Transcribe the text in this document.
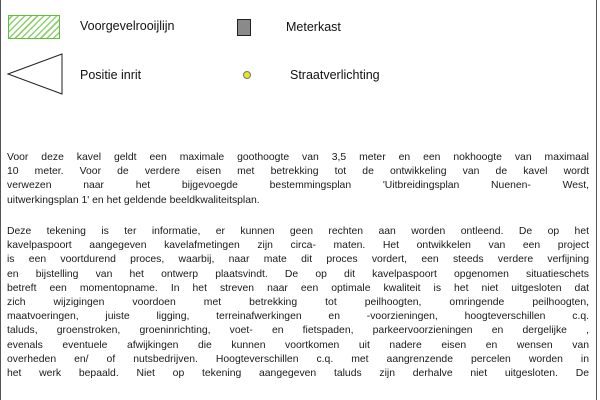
Voorgevelrooijlijn	Meterkast
Positie inrit	Straatverlichting
Voor deze kavel geldt een maximale goothoogte van 3,5 meter en een nokhoogte van maximaal
10 meter. Voor de verdere eisen met betrekking tot de ontwikkeling van de kavel wordt
verwezen naar het bijgevoegde bestemmingsplan 'Uitbreidingsplan Nuenen- West,
uitwerkingsplan 1' en het geldende beeldkwaliteitsplan.
Deze tekening is ter informatie, er kunnen geen rechten aan worden ontleend. De op het
kavelpaspoort aangegeven kavelafmetingen zijn circa- maten. Het ontwikkelen van een project
is een voortdurend proces, waarbij, naar mate dit proces vordert, een steeds verdere verfijning
en bijstelling van het ontwerp plaatsvindt. De op dit kavelpaspoort opgenomen situatieschets
betreft een momentopname. In het streven naar een optimale kwaliteit is het niet uitgesloten dat
zich wijzigingen voordoen met betrekking tot peilhoogten, omringende peilhoogten,
maatvoeringen, juiste ligging, terreinafwerkingen en -voorzieningen, hoogteverschillen c.q.
taluds, groenstroken, groeninrichting, voet- en fietspaden, parkeervoorzieningen en dergelijke ,
evenals eventuele afwijkingen die kunnen voortkomen uit nadere eisen en wensen van
overheden en/ of nutsbedrijven. Hoogteverschillen c.q. met aangrenzende percelen worden in
het werk bepaald. Niet op tekening aangegeven taluds zijn derhalve niet uitgesloten. De
